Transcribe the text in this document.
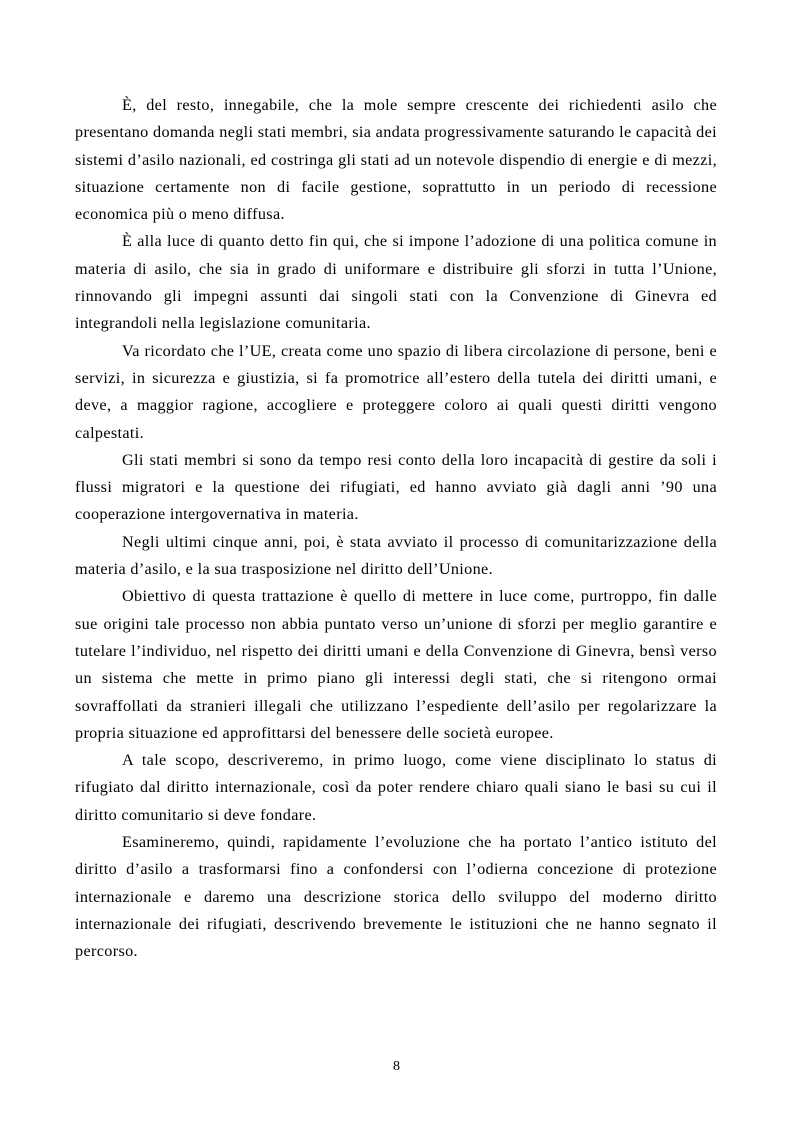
È, del resto, innegabile, che la mole sempre crescente dei richiedenti asilo che presentano domanda negli stati membri, sia andata progressivamente saturando le capacità dei sistemi d’asilo nazionali, ed costringa gli stati ad un notevole dispendio di energie e di mezzi, situazione certamente non di facile gestione, soprattutto in un periodo di recessione economica più o meno diffusa.

È alla luce di quanto detto fin qui, che si impone l’adozione di una politica comune in materia di asilo, che sia in grado di uniformare e distribuire gli sforzi in tutta l’Unione, rinnovando gli impegni assunti dai singoli stati con la Convenzione di Ginevra ed integrandoli nella legislazione comunitaria.

Va ricordato che l’UE, creata come uno spazio di libera circolazione di persone, beni e servizi, in sicurezza e giustizia, si fa promotrice all’estero della tutela dei diritti umani, e deve, a maggior ragione, accogliere e proteggere coloro ai quali questi diritti vengono calpestati.

Gli stati membri si sono da tempo resi conto della loro incapacità di gestire da soli i flussi migratori e la questione dei rifugiati, ed hanno avviato già dagli anni ’90 una cooperazione intergovernativa in materia.

Negli ultimi cinque anni, poi, è stata avviato il processo di comunitarizzazione della materia d’asilo, e la sua trasposizione nel diritto dell’Unione.

Obiettivo di questa trattazione è quello di mettere in luce come, purtroppo, fin dalle sue origini tale processo non abbia puntato verso un’unione di sforzi per meglio garantire e tutelare l’individuo, nel rispetto dei diritti umani e della Convenzione di Ginevra, bensì verso un sistema che mette in primo piano gli interessi degli stati, che si ritengono ormai sovraffollati da stranieri illegali che utilizzano l’espediente dell’asilo per regolarizzare la propria situazione ed approfittarsi del benessere delle società europee.

A tale scopo, descriveremo, in primo luogo, come viene disciplinato lo status di rifugiato dal diritto internazionale, così da poter rendere chiaro quali siano le basi su cui il diritto comunitario si deve fondare.

Esamineremo, quindi, rapidamente l’evoluzione che ha portato l’antico istituto del diritto d’asilo a trasformarsi fino a confondersi con l’odierna concezione di protezione internazionale e daremo una descrizione storica dello sviluppo del moderno diritto internazionale dei rifugiati, descrivendo brevemente le istituzioni che ne hanno segnato il percorso.

8
